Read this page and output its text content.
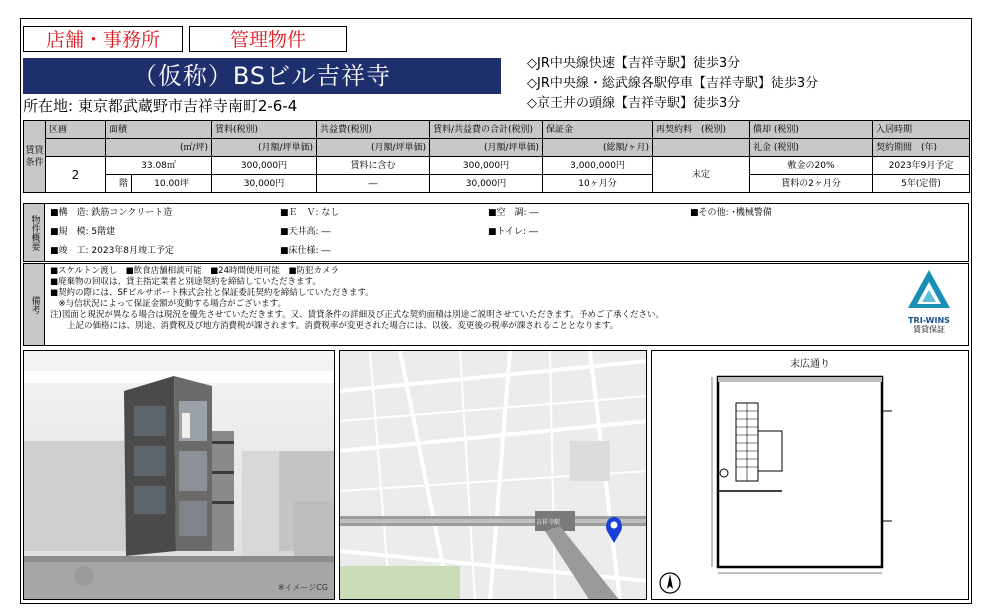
店舗・事務所	管理物件
（仮称）BSビル吉祥寺
所在地: 東京都武蔵野市吉祥寺南町2-6-4
◇JR中央線快速【吉祥寺駅】徒歩3分
◇JR中央線・総武線各駅停車【吉祥寺駅】徒歩3分
◇京王井の頭線【吉祥寺駅】徒歩3分
賃貸条件	区画	面積		賃料(税別)	共益費(税別)	賃料/共益費の合計(税別)	保証金	再契約料　(税別)	償却 (税別)	入居時期
		(㎡/坪)		(月額/坪単価)	(月額/坪単価)	(月額/坪単価)	(総額/ヶ月)		礼金 (税別)	契約期間　(年)
	2	33.08㎡		300,000円	賃料に含む	300,000円	3,000,000円	未定	敷金の20%	2023年9月予定
		階	10.00坪	30,000円	―	30,000円	10ヶ月分		賃料の2ヶ月分	5年(定借)
物件概要
■構　造: 鉄筋コンクリート造
■規　模: 5階建
■竣　工: 2023年8月竣工予定
■Ｅ　Ｖ: なし
■天井高: ―
■床仕様: ―
■空　調: ―
■トイレ: ―
■その他: ･機械警備
備考
■スケルトン渡し　■飲食店舗相談可能　■24時間使用可能　■防犯カメラ
■廃棄物の回収は、貸主指定業者と別途契約を締結していただきます。
■契約の際には、SFビルサポート株式会社と保証委託契約を締結していただきます。
　※与信状況によって保証金額が変動する場合がございます。
注)図面と現況が異なる場合は現況を優先させていただきます。又、賃貸条件の詳細及び正式な契約面積は別途ご説明させていただきます。予めご了承ください。
　　上記の価格には、別途、消費税及び地方消費税が課されます。消費税率が変更された場合には、以後、変更後の税率が課されることとなります。
TRI-WINS
賃貸保証
※イメージCG
吉祥寺駅
末広通り
